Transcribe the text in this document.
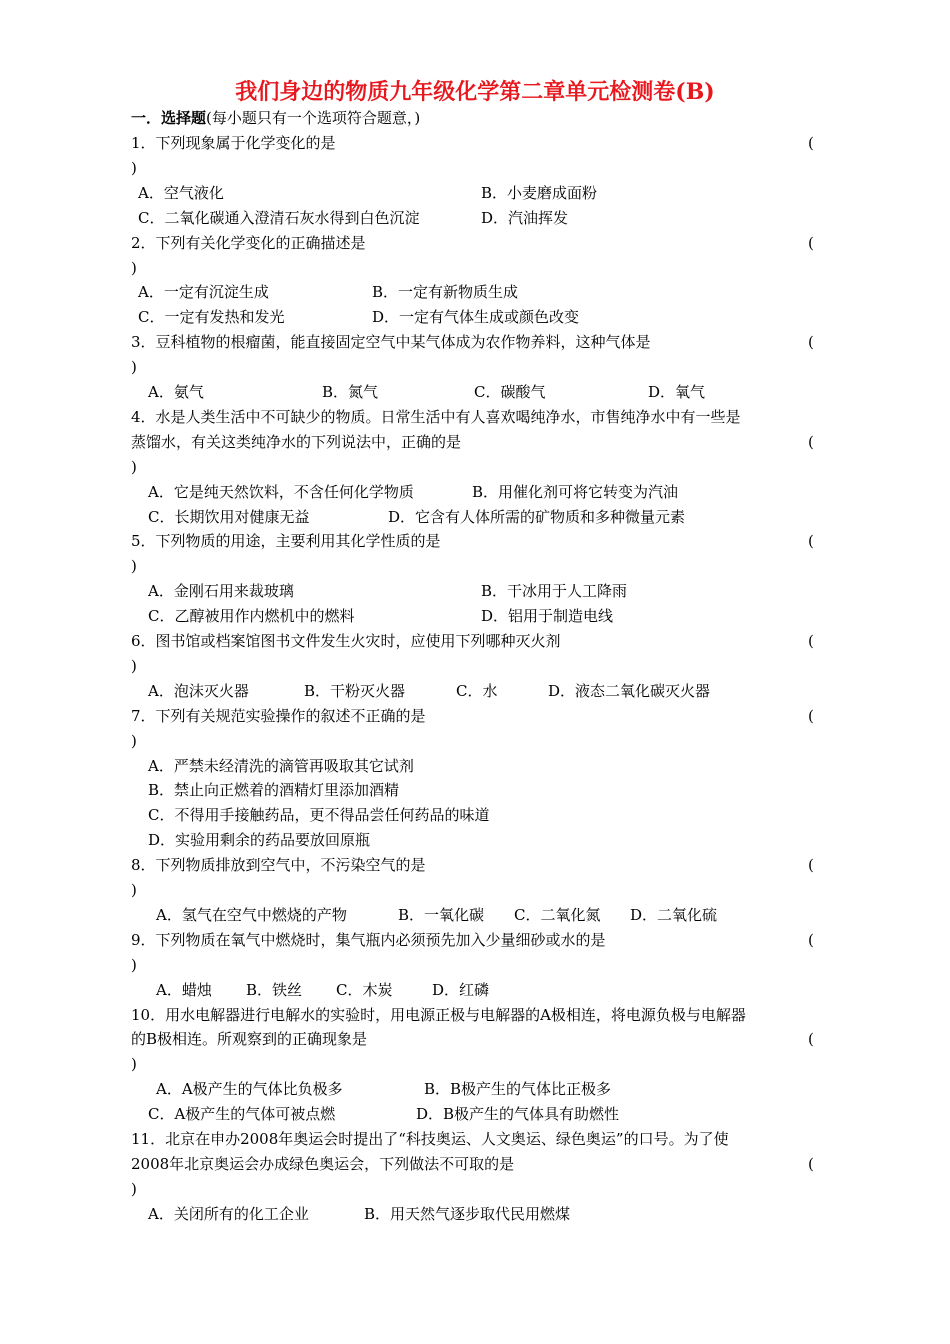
我们身边的物质九年级化学第二章单元检测卷(B)
一．选择题(每小题只有一个选项符合题意，)
1．下列现象属于化学变化的是	(
)
A．空气液化	B．小麦磨成面粉
C．二氧化碳通入澄清石灰水得到白色沉淀	D．汽油挥发
2．下列有关化学变化的正确描述是	(
)
A．一定有沉淀生成	B．一定有新物质生成
C．一定有发热和发光	D．一定有气体生成或颜色改变
3．豆科植物的根瘤菌，能直接固定空气中某气体成为农作物养料，这种气体是	(
)
A．氨气	B．氮气	C．碳酸气	D．氧气
4．水是人类生活中不可缺少的物质。日常生活中有人喜欢喝纯净水，市售纯净水中有一些是
蒸馏水，有关这类纯净水的下列说法中，正确的是	(
)
A．它是纯天然饮料，不含任何化学物质	B．用催化剂可将它转变为汽油
C．长期饮用对健康无益	D．它含有人体所需的矿物质和多种微量元素
5．下列物质的用途，主要利用其化学性质的是	(
)
A．金刚石用来裁玻璃	B．干冰用于人工降雨
C．乙醇被用作内燃机中的燃料	D．铝用于制造电线
6．图书馆或档案馆图书文件发生火灾时，应使用下列哪种灭火剂	(
)
A．泡沫灭火器	B．干粉灭火器	C．水	D．液态二氧化碳灭火器
7．下列有关规范实验操作的叙述不正确的是	(
)
A．严禁未经清洗的滴管再吸取其它试剂
B．禁止向正燃着的酒精灯里添加酒精
C．不得用手接触药品，更不得品尝任何药品的味道
D．实验用剩余的药品要放回原瓶
8．下列物质排放到空气中，不污染空气的是	(
)
A．氢气在空气中燃烧的产物	B．一氧化碳 C．二氧化氮 D．二氧化硫
9．下列物质在氧气中燃烧时，集气瓶内必须预先加入少量细砂或水的是	(
)
A．蜡烛 B．铁丝 C．木炭	D．红磷
10．用水电解器进行电解水的实验时，用电源正极与电解器的A极相连，将电源负极与电解器
的B极相连。所观察到的正确现象是	(
)
A．A极产生的气体比负极多	B．B极产生的气体比正极多
C．A极产生的气体可被点燃	D．B极产生的气体具有助燃性
11．北京在申办2008年奥运会时提出了“科技奥运、人文奥运、绿色奥运”的口号。为了使
2008年北京奥运会办成绿色奥运会，下列做法不可取的是	(
)
A．关闭所有的化工企业	B．用天然气逐步取代民用燃煤
